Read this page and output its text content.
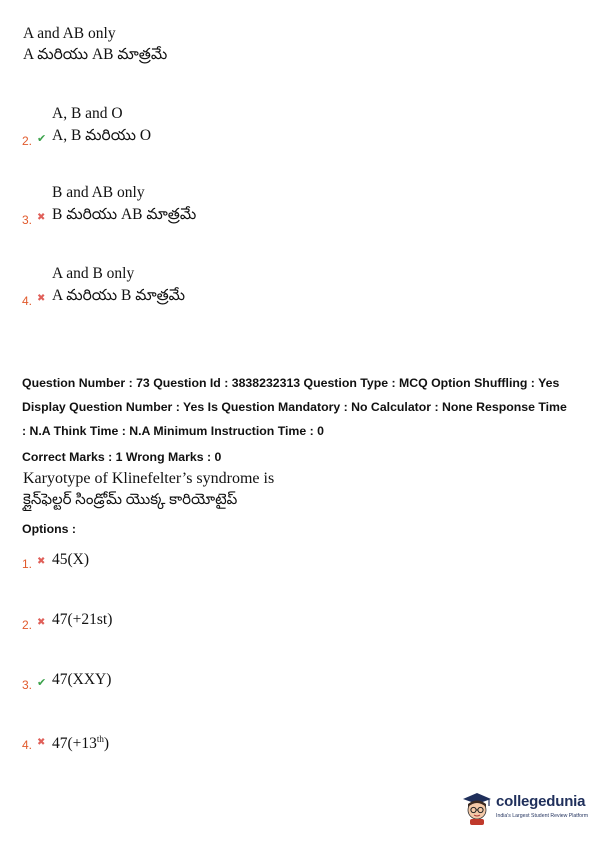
A and AB only
A మరియు AB మాత్రమే
A, B and O
2. ✔ A, B మరియు O
B and AB only
3. ✖ B మరియు AB మాత్రమే
A and B only
4. ✖ A మరియు B మాత్రమే
Question Number : 73 Question Id : 3838232313 Question Type : MCQ Option Shuffling : Yes
Display Question Number : Yes Is Question Mandatory : No Calculator : None Response Time
: N.A Think Time : N.A Minimum Instruction Time : 0
Correct Marks : 1 Wrong Marks : 0
Karyotype of Klinefelter’s syndrome is
క్లైన్‌ఫెల్టర్ సిండ్రోమ్ యొక్క కారియోటైప్
Options :
1. ✖ 45(X)
2. ✖ 47(+21st)
3. ✔ 47(XXY)
4. ✖ 47(+13th)
collegedunia
India's Largest Student Review Platform
